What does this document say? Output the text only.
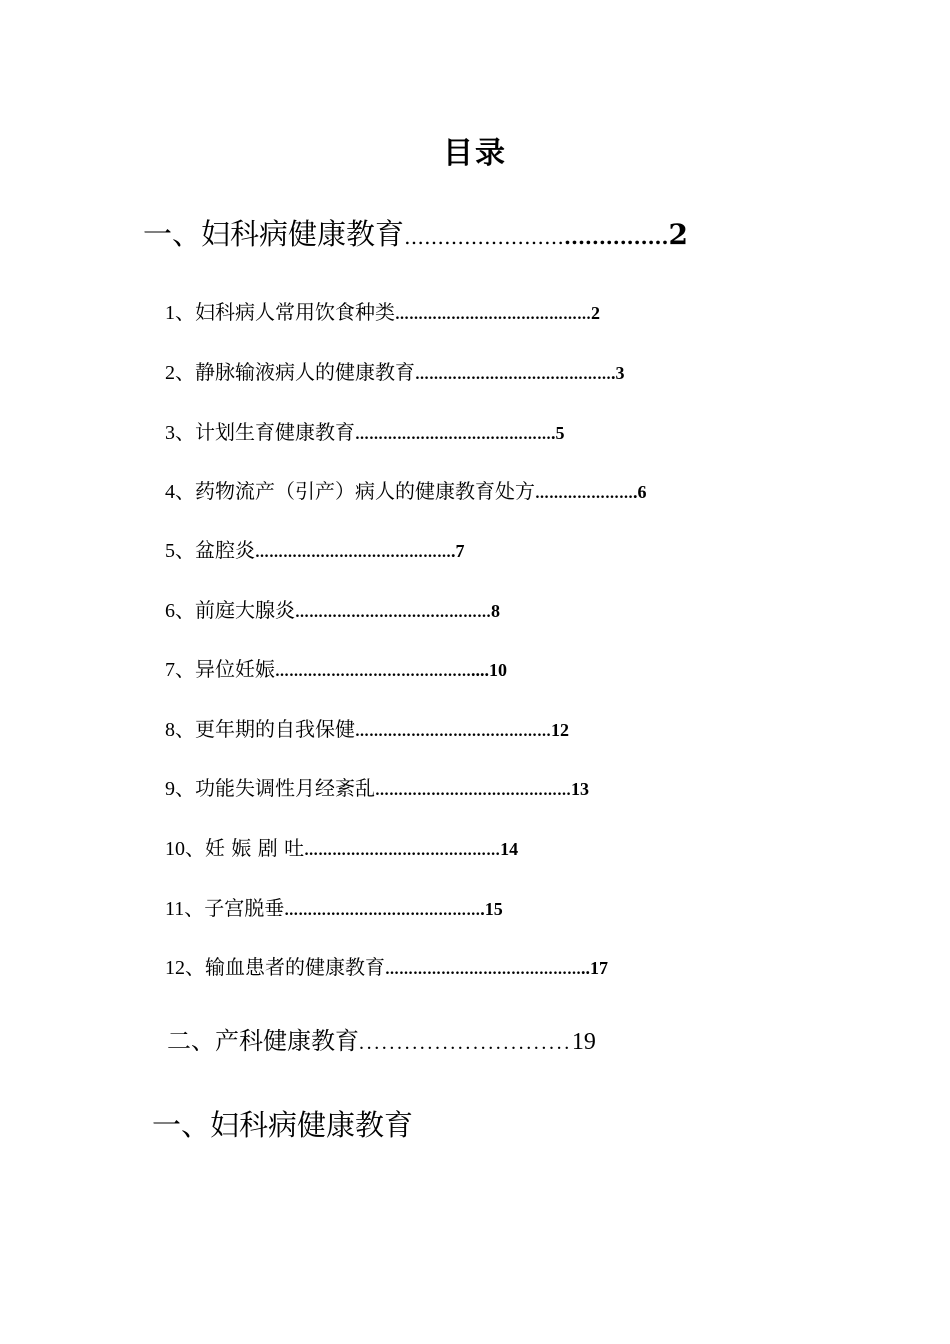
目录
一、妇科病健康教育……………………...............2
1、妇科病人常用饮食种类……………………………………2
2、静脉输液病人的健康教育…………………………………….3
3、计划生育健康教育…………………………………….5
4、药物流产（引产）病人的健康教育处方………………….6
5、盆腔炎…………………………………….7
6、前庭大腺炎……………………………………8
7、异位妊娠……………………………………....10
8、更年期的自我保健……………………………………12
9、功能失调性月经紊乱……………………………………13
10、妊 娠 剧 吐……………………………………14
11、子宫脱垂…………………………………….15
12、输血患者的健康教育……………………………………..17
二、产科健康教育............................19
一、妇科病健康教育
